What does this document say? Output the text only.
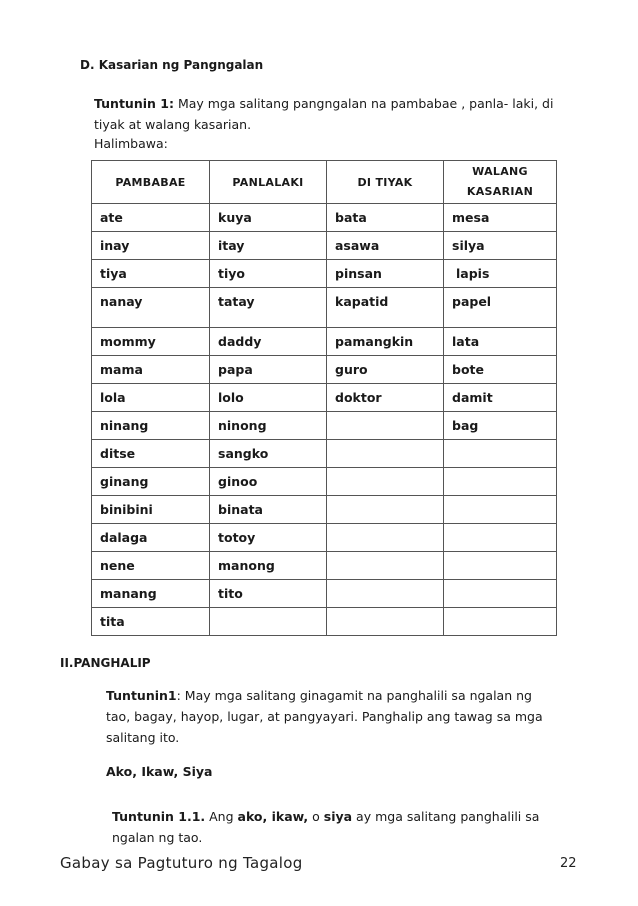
D. Kasarian ng Pangngalan
Tuntunin 1: May mga salitang pangngalan na pambabae , panla- laki, di tiyak at walang kasarian.
Halimbawa:
PAMBABAE	PANLALAKI	DI TIYAK	WALANG
KASARIAN

ate	kuya	bata	mesa
inay	itay	asawa	silya
tiya	tiyo	pinsan	lapis
nanay	tatay	kapatid	papel
mommy	daddy	pamangkin	lata
mama	papa	guro	bote
lola	lolo	doktor	damit
ninang	ninong		bag
ditse	sangko		
ginang	ginoo		
binibini	binata		
dalaga	totoy		
nene	manong		
manang	tito		
tita			
II.PANGHALIP
Tuntunin1: May mga salitang ginagamit na panghalili sa ngalan ng tao, bagay, hayop, lugar, at pangyayari. Panghalip ang tawag sa mga salitang ito.
Ako, Ikaw, Siya
Tuntunin 1.1. Ang ako, ikaw, o siya ay mga salitang panghalili sa ngalan ng tao.
Gabay sa Pagtuturo ng Tagalog	22
